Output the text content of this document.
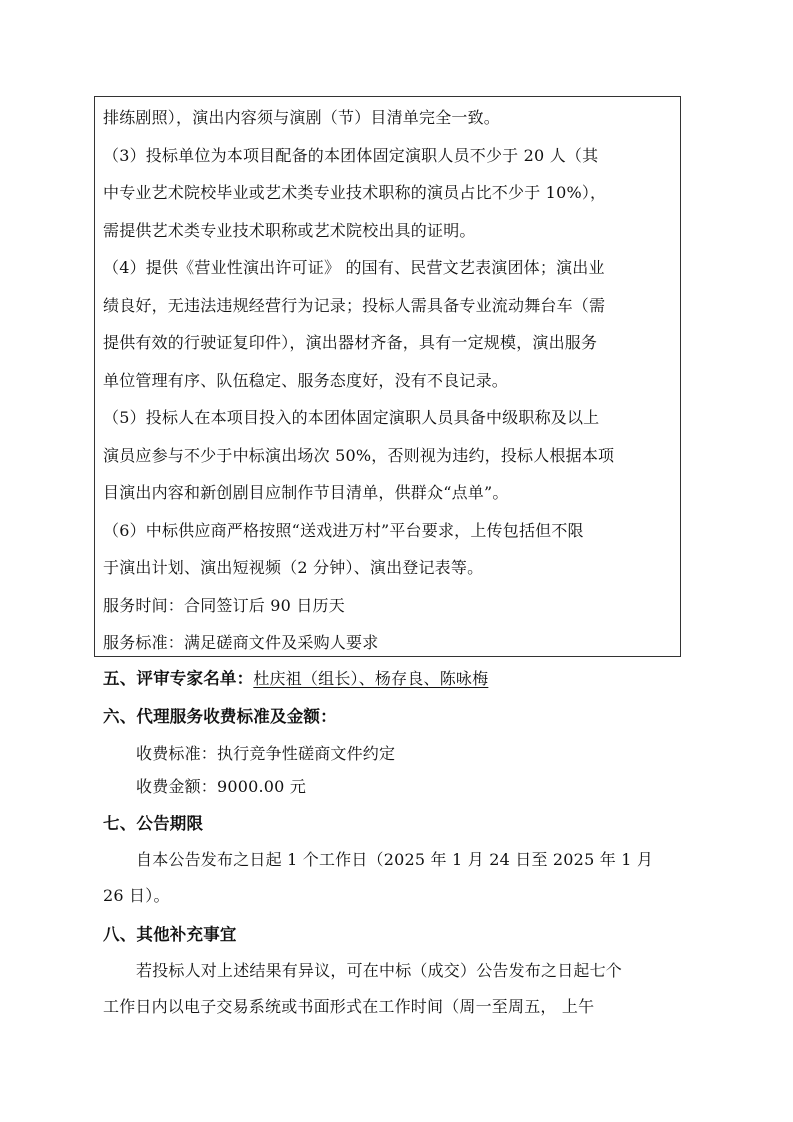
排练剧照），演出内容须与演剧（节）目清单完全一致。
（3）投标单位为本项目配备的本团体固定演职人员不少于 20 人（其
中专业艺术院校毕业或艺术类专业技术职称的演员占比不少于 10%），
需提供艺术类专业技术职称或艺术院校出具的证明。
（4）提供《营业性演出许可证》 的国有、民营文艺表演团体；演出业
绩良好，无违法违规经营行为记录；投标人需具备专业流动舞台车（需
提供有效的行驶证复印件），演出器材齐备，具有一定规模，演出服务
单位管理有序、队伍稳定、服务态度好，没有不良记录。
（5）投标人在本项目投入的本团体固定演职人员具备中级职称及以上
演员应参与不少于中标演出场次 50%，否则视为违约，投标人根据本项
目演出内容和新创剧目应制作节目清单，供群众“点单”。
（6）中标供应商严格按照“送戏进万村”平台要求，上传包括但不限
于演出计划、演出短视频（2 分钟）、演出登记表等。
服务时间：合同签订后 90 日历天
服务标准：满足磋商文件及采购人要求
五、评审专家名单：杜庆祖（组长）、杨存良、陈咏梅
六、代理服务收费标准及金额：
收费标准：执行竞争性磋商文件约定
收费金额：9000.00 元
七、公告期限
自本公告发布之日起 1 个工作日（2025 年 1 月 24 日至 2025 年 1 月
26 日）。
八、其他补充事宜
若投标人对上述结果有异议，可在中标（成交）公告发布之日起七个
工作日内以电子交易系统或书面形式在工作时间（周一至周五， 上午
